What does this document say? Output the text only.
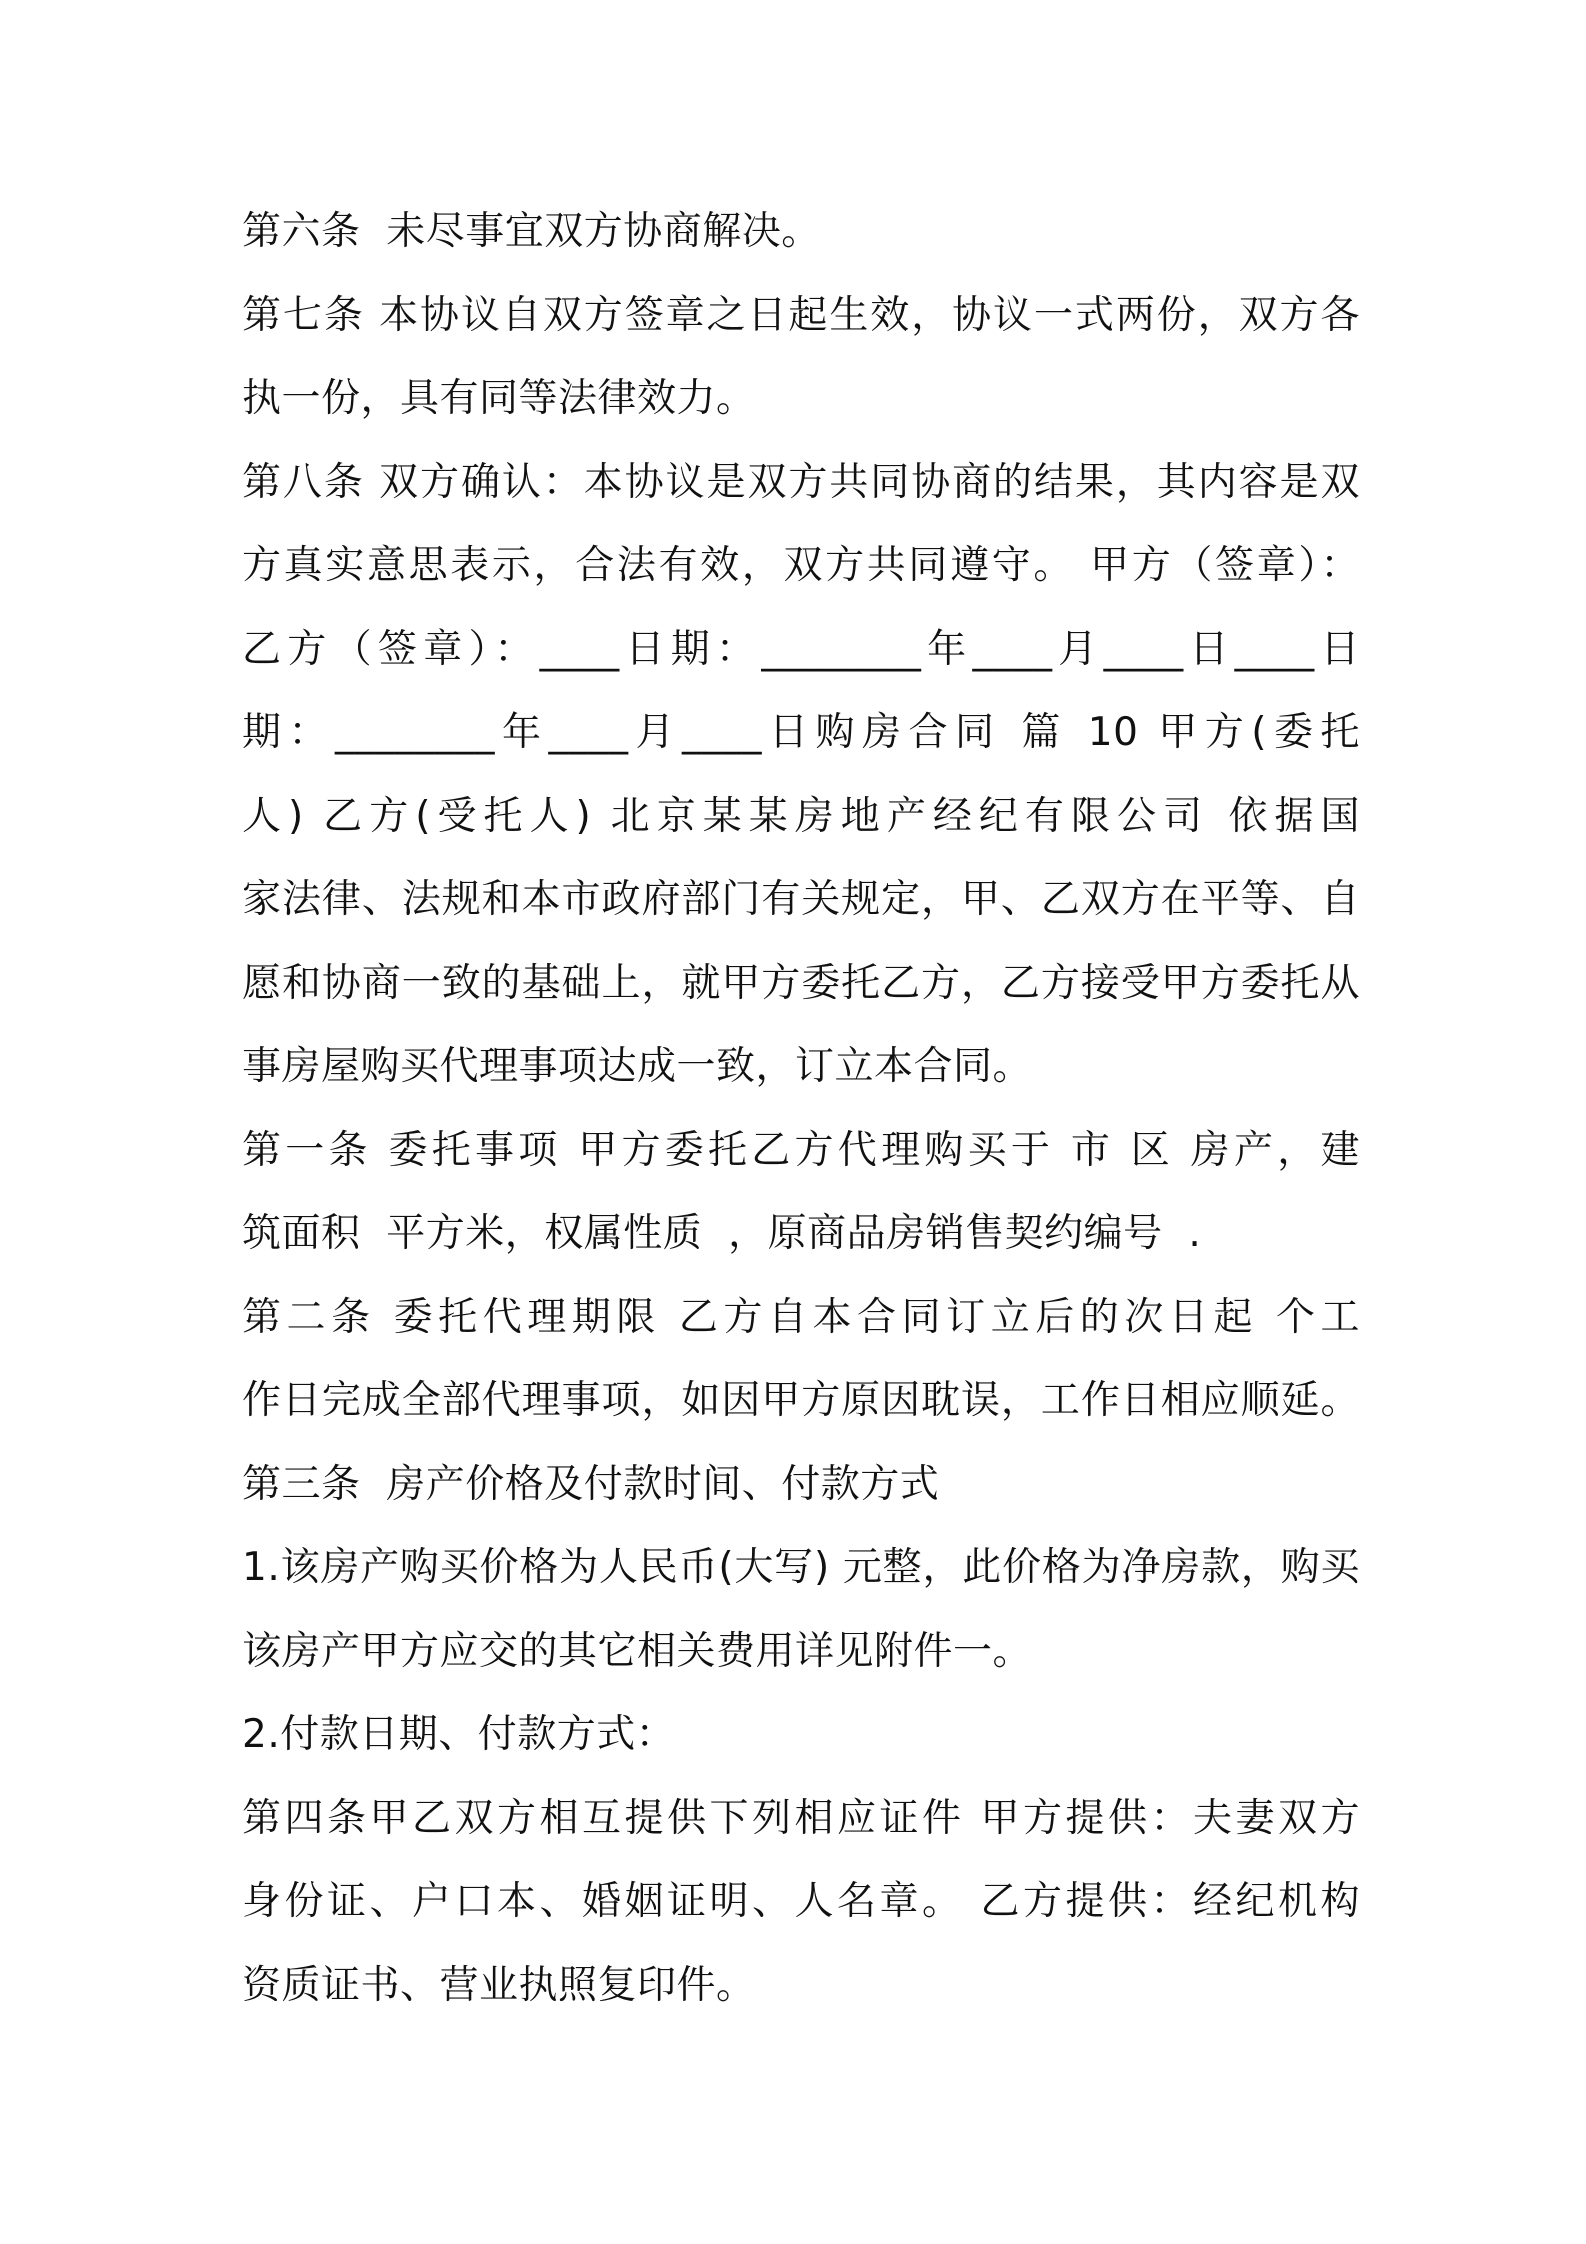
第六条  未尽事宜双方协商解决。
第七条 本协议自双方签章之日起生效，协议一式两份，双方各
执一份，具有同等法律效力。
第八条 双方确认：本协议是双方共同协商的结果，其内容是双
方真实意思表示，合法有效，双方共同遵守。 甲方（签章）：
乙方（签章）：____日期：________年____月____日____日
期：________年____月____日购房合同 篇 10 甲方(委托
人) 乙方(受托人) 北京某某房地产经纪有限公司 依据国
家法律、法规和本市政府部门有关规定，甲、乙双方在平等、自
愿和协商一致的基础上，就甲方委托乙方，乙方接受甲方委托从
事房屋购买代理事项达成一致，订立本合同。
第一条 委托事项 甲方委托乙方代理购买于 市 区 房产，建
筑面积  平方米，权属性质  ，原商品房销售契约编号  .
第二条 委托代理期限 乙方自本合同订立后的次日起 个工
作日完成全部代理事项，如因甲方原因耽误，工作日相应顺延。
第三条  房产价格及付款时间、付款方式
1.该房产购买价格为人民币(大写) 元整，此价格为净房款，购买
该房产甲方应交的其它相关费用详见附件一。
2.付款日期、付款方式：
第四条甲乙双方相互提供下列相应证件 甲方提供：夫妻双方
身份证、户口本、婚姻证明、人名章。 乙方提供：经纪机构
资质证书、营业执照复印件。
